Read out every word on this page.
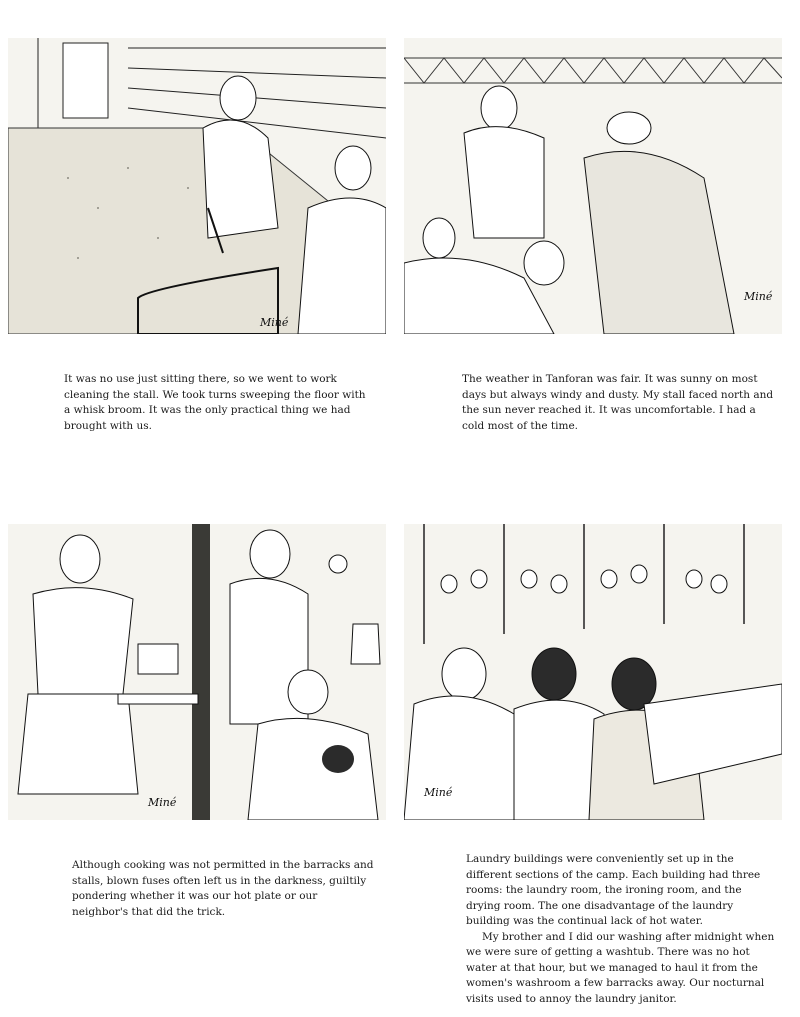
Miné

It was no use just sitting there, so we went to work cleaning the stall. We took turns sweeping the floor with a whisk broom. It was the only practical thing we had brought with us.

Miné

The weather in Tanforan was fair. It was sunny on most days but always windy and dusty. My stall faced north and the sun never reached it. It was uncomfortable. I had a cold most of the time.

Miné

Although cooking was not permitted in the barracks and stalls, blown fuses often left us in the darkness, guiltily pondering whether it was our hot plate or our neighbor's that did the trick.

Miné

Laundry buildings were conveniently set up in the different sections of the camp. Each building had three rooms: the laundry room, the ironing room, and the drying room. The one disadvantage of the laundry building was the continual lack of hot water.

My brother and I did our washing after midnight when we were sure of getting a washtub. There was no hot water at that hour, but we managed to haul it from the women's washroom a few barracks away. Our nocturnal visits used to annoy the laundry janitor.
